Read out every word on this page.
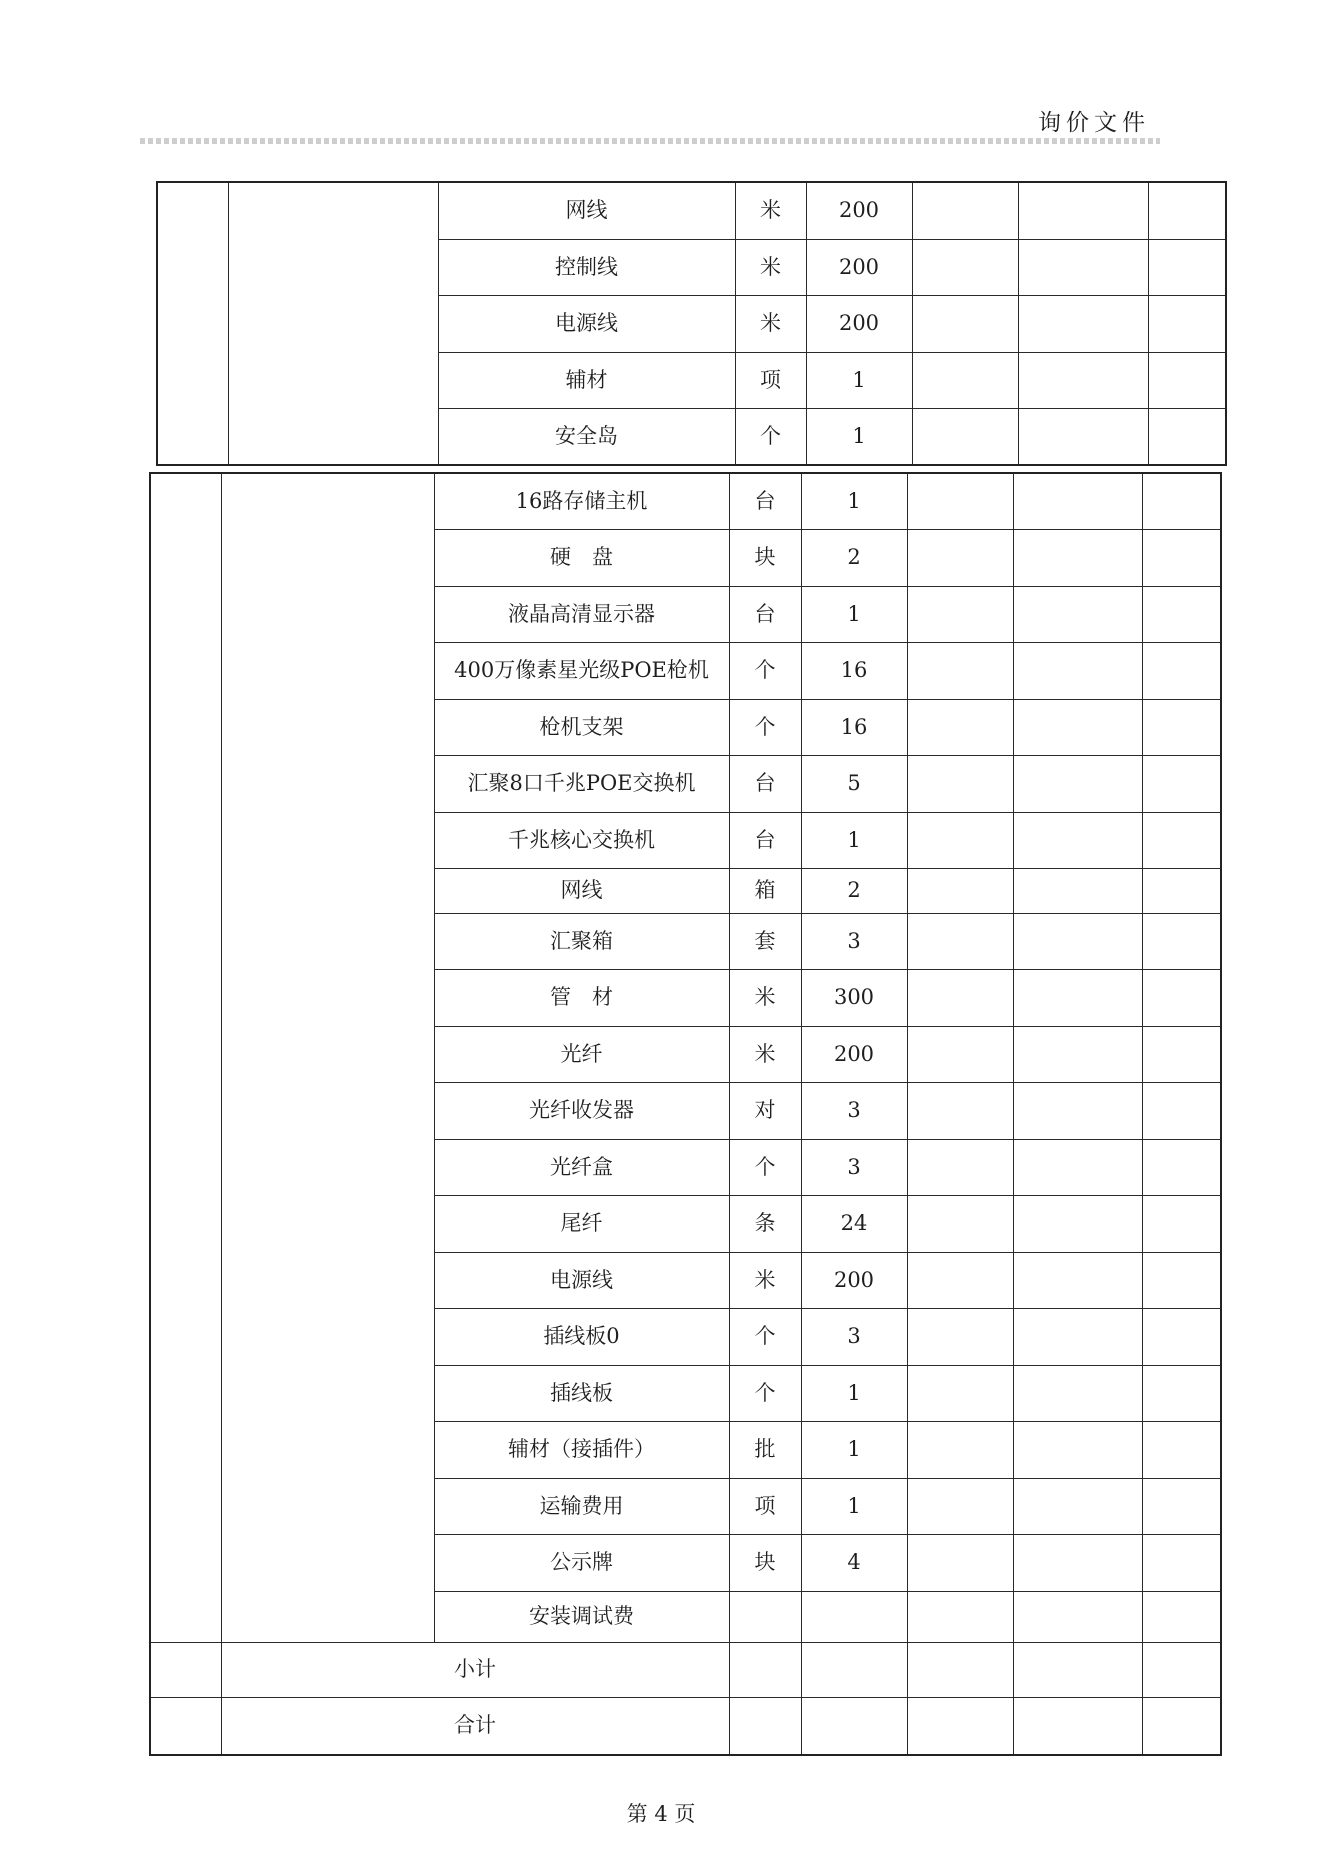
询价文件
		网线	米	200			
		控制线	米	200			
		电源线	米	200			
		辅材	项	1			
		安全岛	个	1			
		16路存储主机	台	1			
		硬　盘	块	2			
		液晶高清显示器	台	1			
		400万像素星光级POE枪机	个	16			
		枪机支架	个	16			
		汇聚8口千兆POE交换机	台	5			
		千兆核心交换机	台	1			
		网线	箱	2			
		汇聚箱	套	3			
		管　材	米	300			
		光纤	米	200			
		光纤收发器	对	3			
		光纤盒	个	3			
		尾纤	条	24			
		电源线	米	200			
		插线板0	个	3			
		插线板	个	1			
		辅材（接插件）	批	1			
		运输费用	项	1			
		公示牌	块	4			
		安装调试费					
	小计						
	合计						
第 4 页
